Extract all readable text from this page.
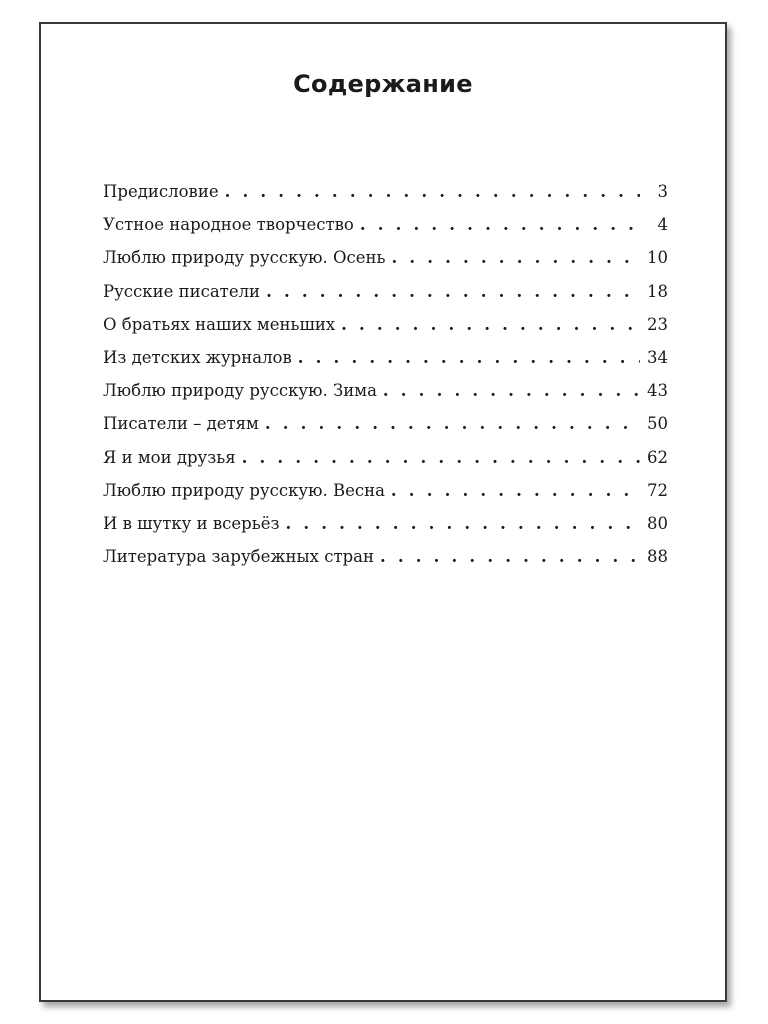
Содержание
Предисловие . . .	3
Устное народное творчество . . .	4
Люблю природу русскую. Осень . . .	10
Русские писатели . . .	18
О братьях наших меньших . . .	23
Из детских журналов . . .	34
Люблю природу русскую. Зима . . .	43
Писатели – детям . . .	50
Я и мои друзья . . .	62
Люблю природу русскую. Весна . . .	72
И в шутку и всерьёз . . .	80
Литература зарубежных стран . . .	88
